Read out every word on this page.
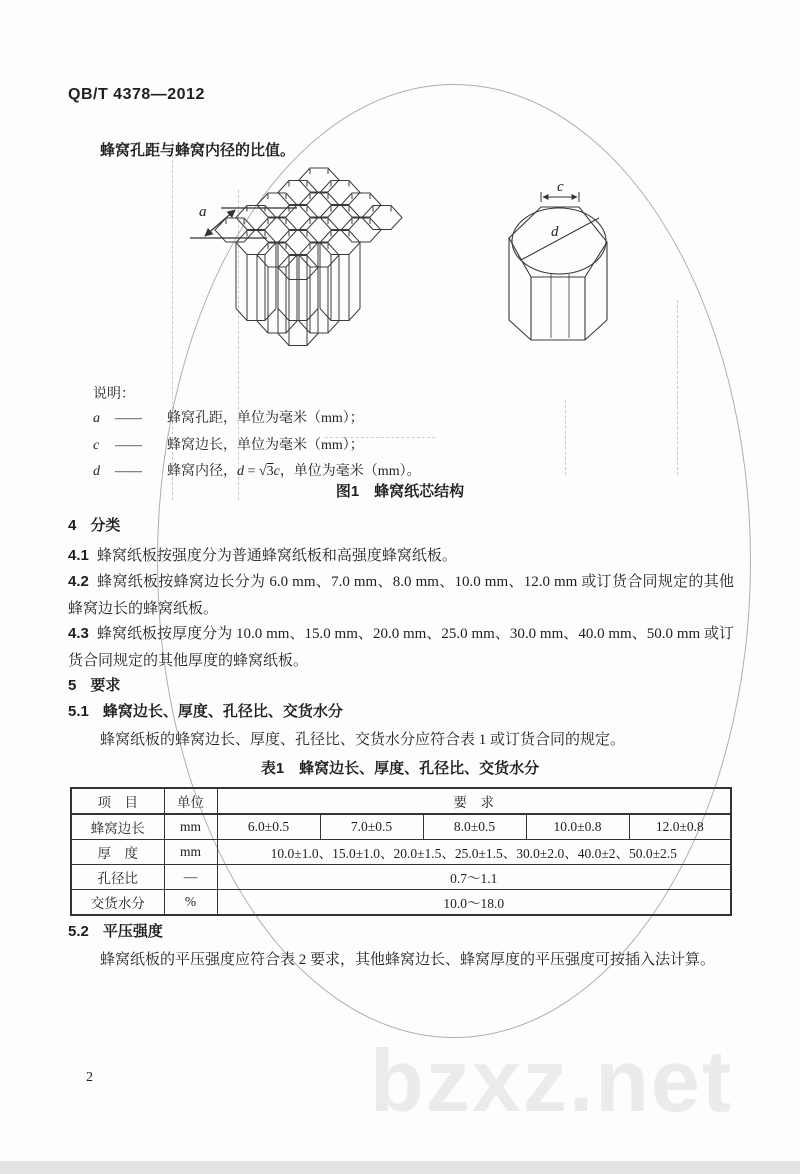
QB/T 4378—2012

蜂窝孔距与蜂窝内径的比值。

a
c
d

说明：

a	——	蜂窝孔距，单位为毫米（mm）；

c	——	蜂窝边长，单位为毫米（mm）；

d	——	蜂窝内径，d = √3c，单位为毫米（mm）。

图1　蜂窝纸芯结构

4 分类

4.1 蜂窝纸板按强度分为普通蜂窝纸板和高强度蜂窝纸板。

4.2 蜂窝纸板按蜂窝边长分为 6.0 mm、7.0 mm、8.0 mm、10.0 mm、12.0 mm 或订货合同规定的其他蜂窝边长的蜂窝纸板。

4.3 蜂窝纸板按厚度分为 10.0 mm、15.0 mm、20.0 mm、25.0 mm、30.0 mm、40.0 mm、50.0 mm 或订货合同规定的其他厚度的蜂窝纸板。

5 要求

5.1 蜂窝边长、厚度、孔径比、交货水分

蜂窝纸板的蜂窝边长、厚度、孔径比、交货水分应符合表 1 或订货合同的规定。

表1　蜂窝边长、厚度、孔径比、交货水分

项　目	单位	要　求				
蜂窝边长	mm	6.0±0.5	7.0±0.5	8.0±0.5	10.0±0.8	12.0±0.8
厚　度	mm	10.0±1.0、15.0±1.0、20.0±1.5、25.0±1.5、30.0±2.0、40.0±2、50.0±2.5				
孔径比	—	0.7～1.1				
交货水分	%	10.0～18.0				

5.2 平压强度

蜂窝纸板的平压强度应符合表 2 要求，其他蜂窝边长、蜂窝厚度的平压强度可按插入法计算。

bzxz.net
2
